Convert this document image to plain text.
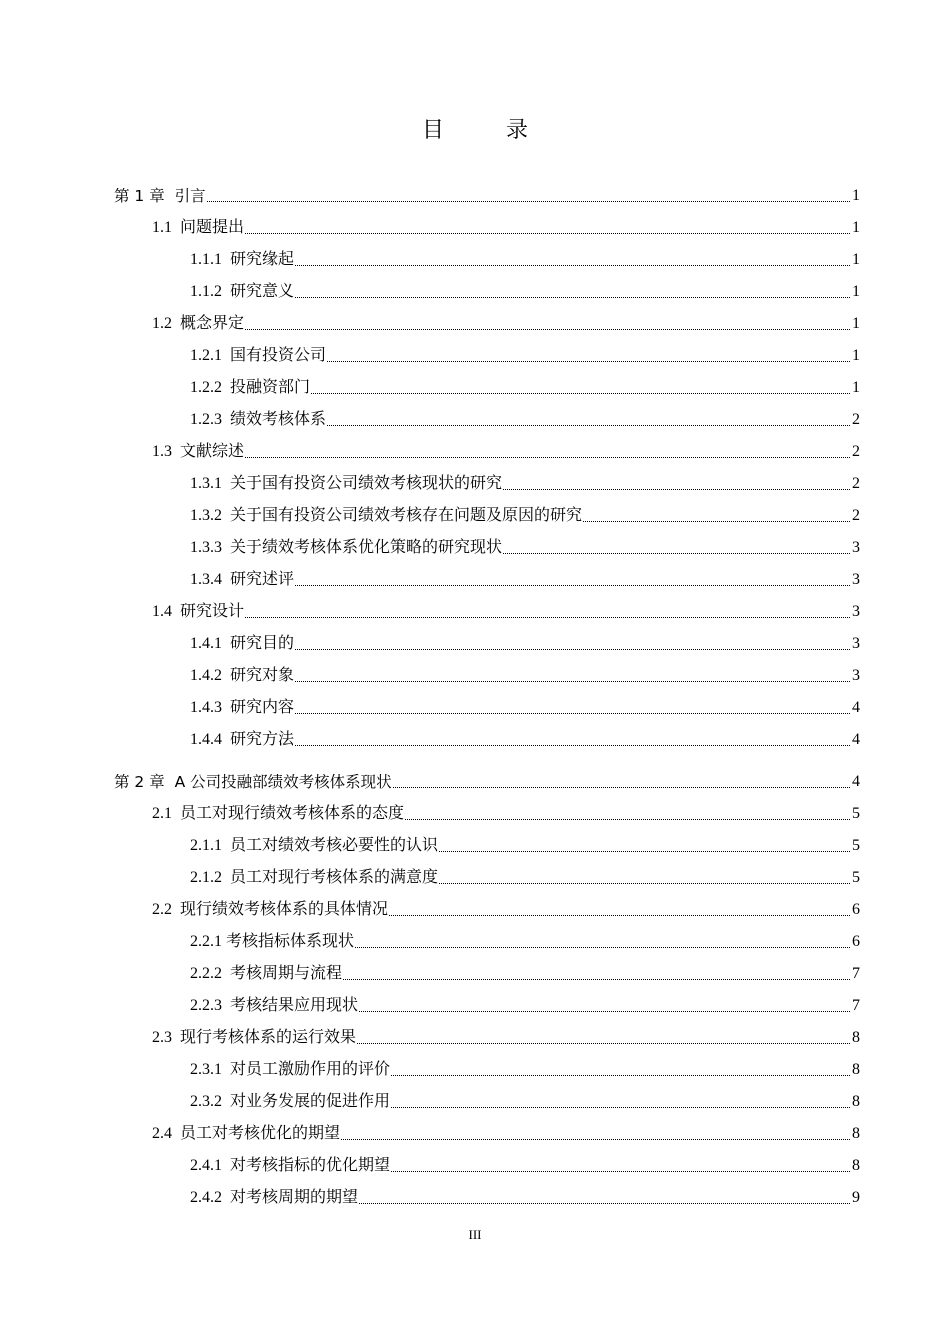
目　录
第 1 章  引言	1
1.1  问题提出	1
1.1.1  研究缘起	1
1.1.2  研究意义	1
1.2  概念界定	1
1.2.1  国有投资公司	1
1.2.2  投融资部门	1
1.2.3  绩效考核体系	2
1.3  文献综述	2
1.3.1  关于国有投资公司绩效考核现状的研究	2
1.3.2  关于国有投资公司绩效考核存在问题及原因的研究	2
1.3.3  关于绩效考核体系优化策略的研究现状	3
1.3.4  研究述评	3
1.4  研究设计	3
1.4.1  研究目的	3
1.4.2  研究对象	3
1.4.3  研究内容	4
1.4.4  研究方法	4
第 2 章  A 公司投融部绩效考核体系现状	4
2.1  员工对现行绩效考核体系的态度	5
2.1.1  员工对绩效考核必要性的认识	5
2.1.2  员工对现行考核体系的满意度	5
2.2  现行绩效考核体系的具体情况	6
2.2.1 考核指标体系现状	6
2.2.2  考核周期与流程	7
2.2.3  考核结果应用现状	7
2.3  现行考核体系的运行效果	8
2.3.1  对员工激励作用的评价	8
2.3.2  对业务发展的促进作用	8
2.4  员工对考核优化的期望	8
2.4.1  对考核指标的优化期望	8
2.4.2  对考核周期的期望	9
III
